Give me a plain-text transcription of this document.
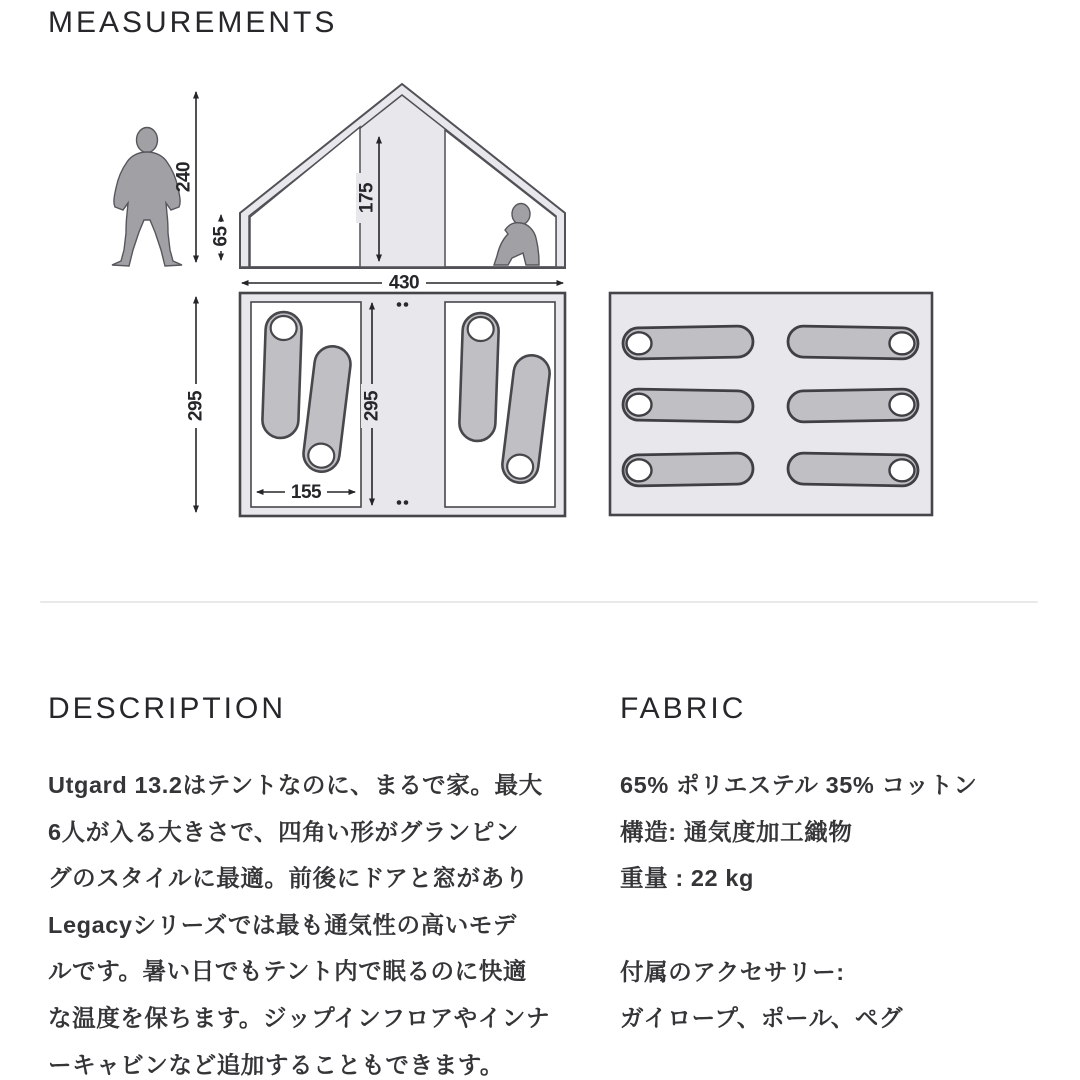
MEASUREMENTS
240
65
175
430
295	295
155
DESCRIPTION
Utgard 13.2はテントなのに、まるで家。最大
6人が入る大きさで、四角い形がグランピン
グのスタイルに最適。前後にドアと窓があり
Legacyシリーズでは最も通気性の高いモデ
ルです。暑い日でもテント内で眠るのに快適
な温度を保ちます。ジップインフロアやインナ
ーキャビンなど追加することもできます。
FABRIC
65% ポリエステル 35% コットン
構造: 通気度加工織物
重量 : 22 kg
付属のアクセサリー:
ガイロープ、ポール、ペグ
